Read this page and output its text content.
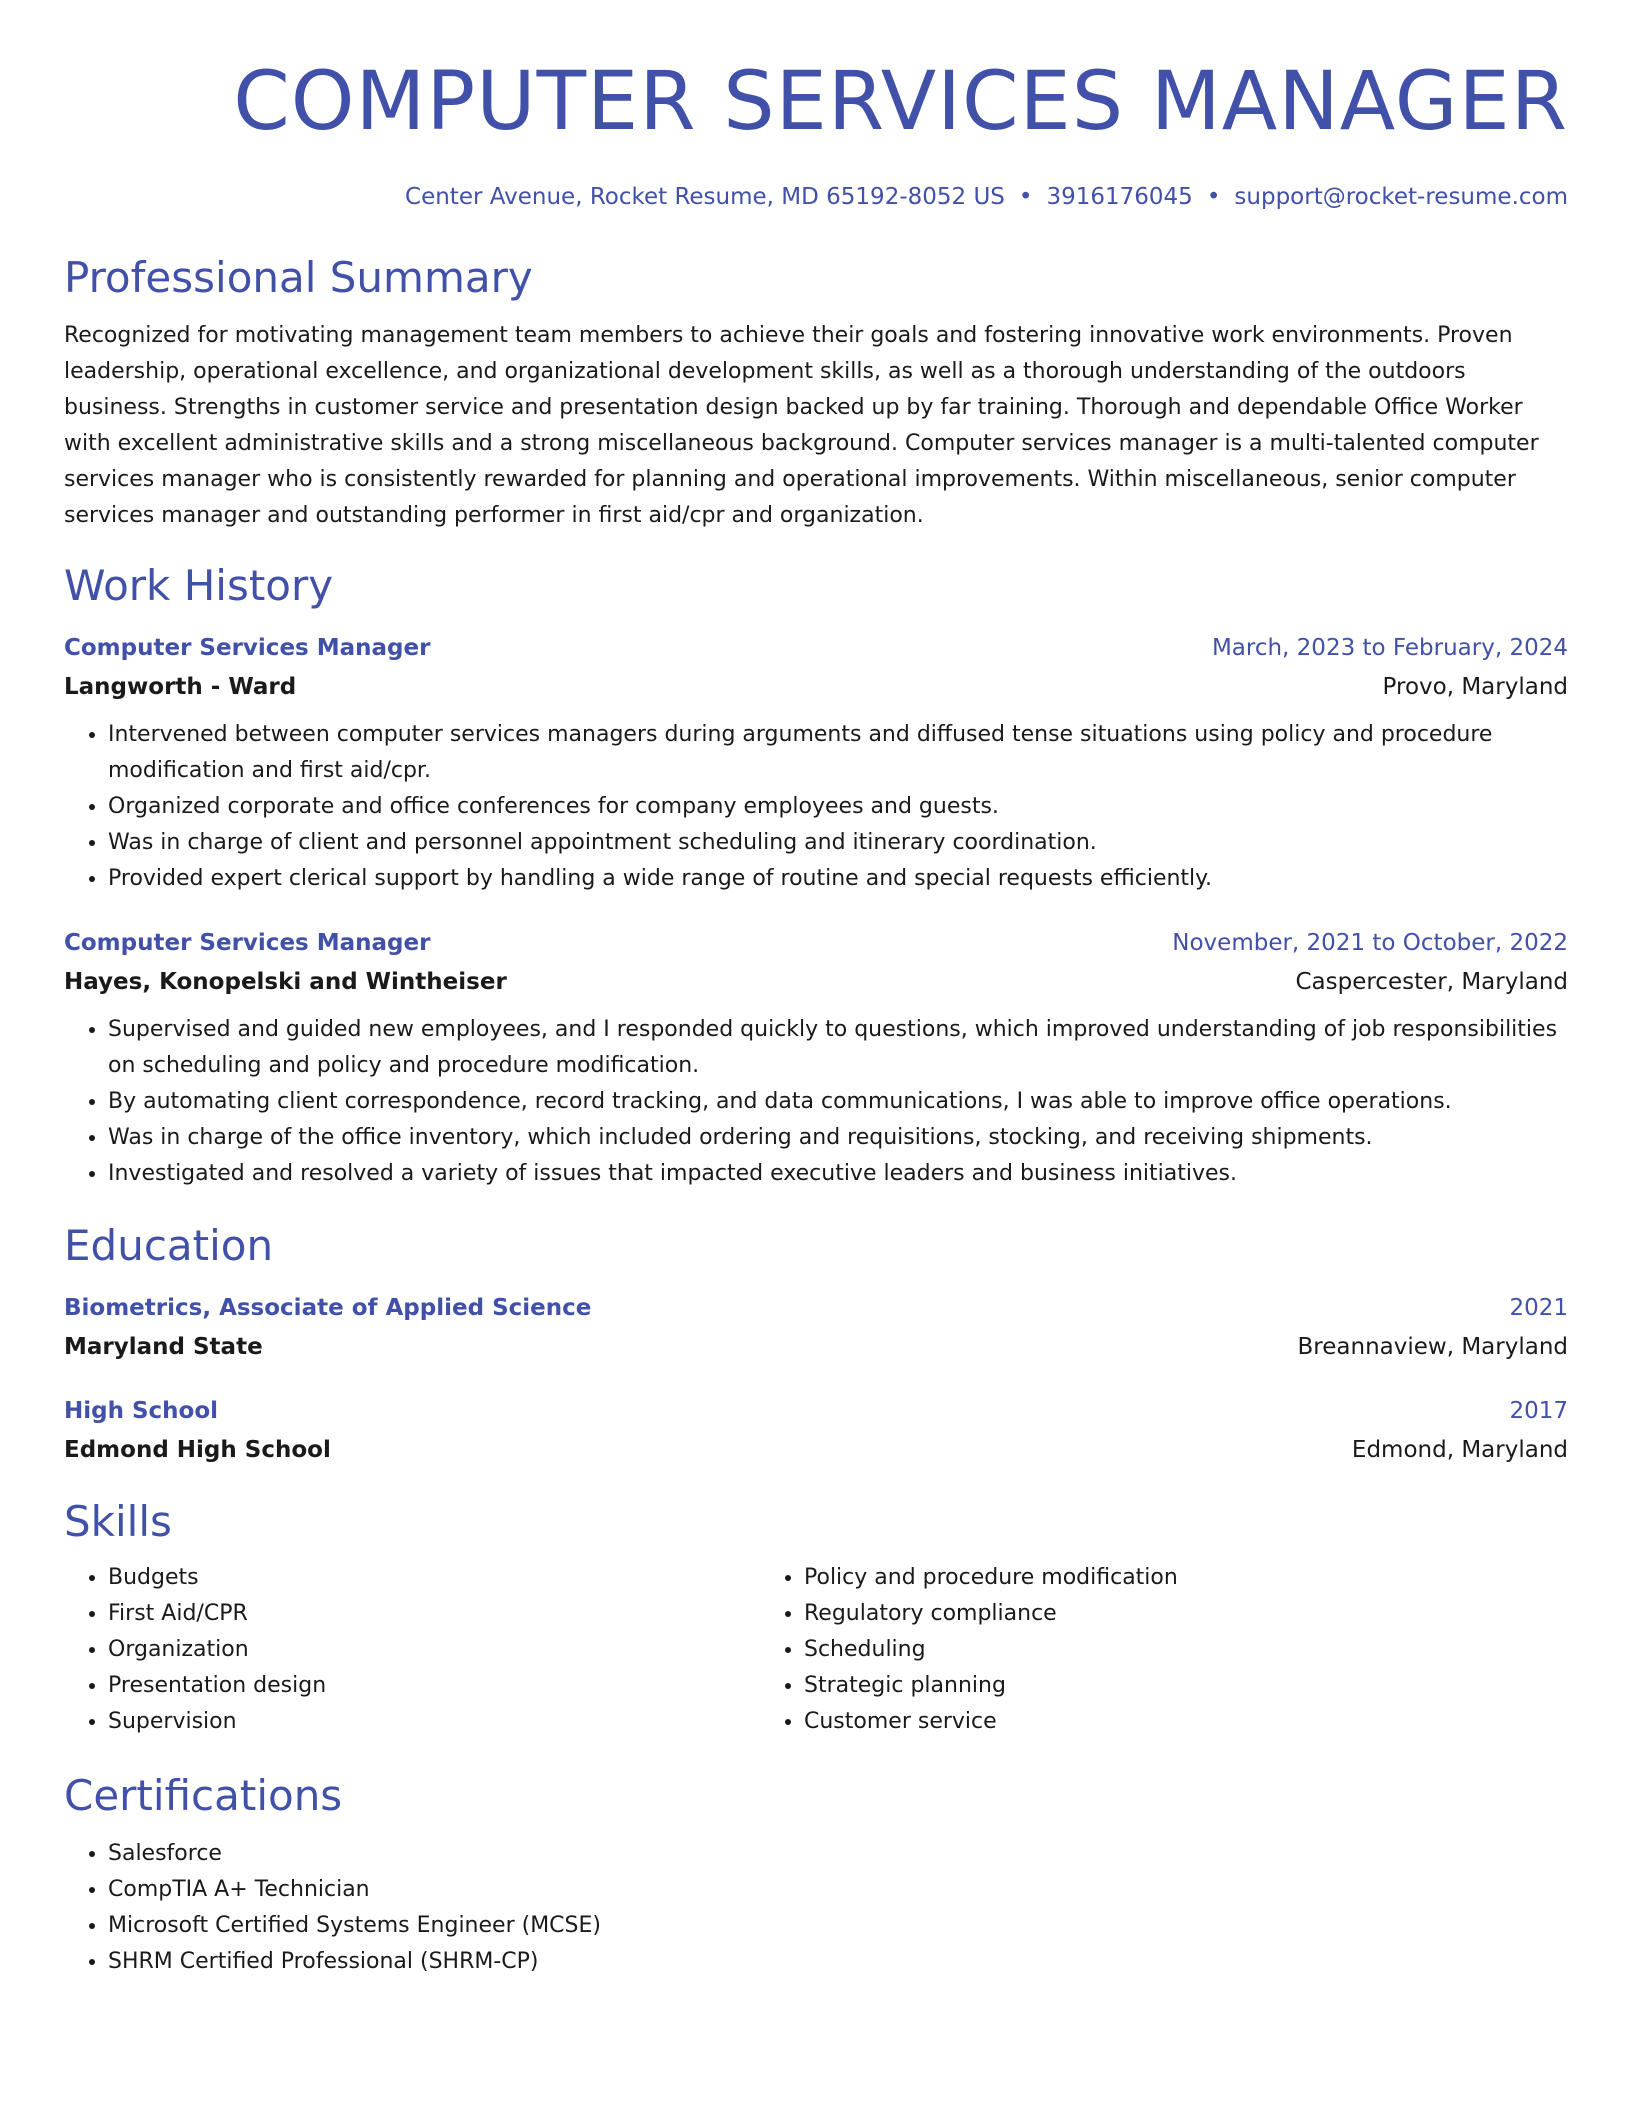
COMPUTER SERVICES MANAGER
Center Avenue, Rocket Resume, MD 65192-8052 US • 3916176045 • support@rocket-resume.com
Professional Summary
Recognized for motivating management team members to achieve their goals and fostering innovative work environments. Proven leadership, operational excellence, and organizational development skills, as well as a thorough understanding of the outdoors business. Strengths in customer service and presentation design backed up by far training. Thorough and dependable Office Worker with excellent administrative skills and a strong miscellaneous background. Computer services manager is a multi-talented computer services manager who is consistently rewarded for planning and operational improvements. Within miscellaneous, senior computer services manager and outstanding performer in first aid/cpr and organization.
Work History
Computer Services Manager	March, 2023 to February, 2024
Langworth - Ward	Provo, Maryland
• Intervened between computer services managers during arguments and diffused tense situations using policy and procedure modification and first aid/cpr.
• Organized corporate and office conferences for company employees and guests.
• Was in charge of client and personnel appointment scheduling and itinerary coordination.
• Provided expert clerical support by handling a wide range of routine and special requests efficiently.
Computer Services Manager	November, 2021 to October, 2022
Hayes, Konopelski and Wintheiser	Caspercester, Maryland
• Supervised and guided new employees, and I responded quickly to questions, which improved understanding of job responsibilities on scheduling and policy and procedure modification.
• By automating client correspondence, record tracking, and data communications, I was able to improve office operations.
• Was in charge of the office inventory, which included ordering and requisitions, stocking, and receiving shipments.
• Investigated and resolved a variety of issues that impacted executive leaders and business initiatives.
Education
Biometrics, Associate of Applied Science	2021
Maryland State	Breannaview, Maryland
High School	2017
Edmond High School	Edmond, Maryland
Skills
• Budgets
• First Aid/CPR
• Organization
• Presentation design
• Supervision
• Policy and procedure modification
• Regulatory compliance
• Scheduling
• Strategic planning
• Customer service
Certifications
• Salesforce
• CompTIA A+ Technician
• Microsoft Certified Systems Engineer (MCSE)
• SHRM Certified Professional (SHRM-CP)
